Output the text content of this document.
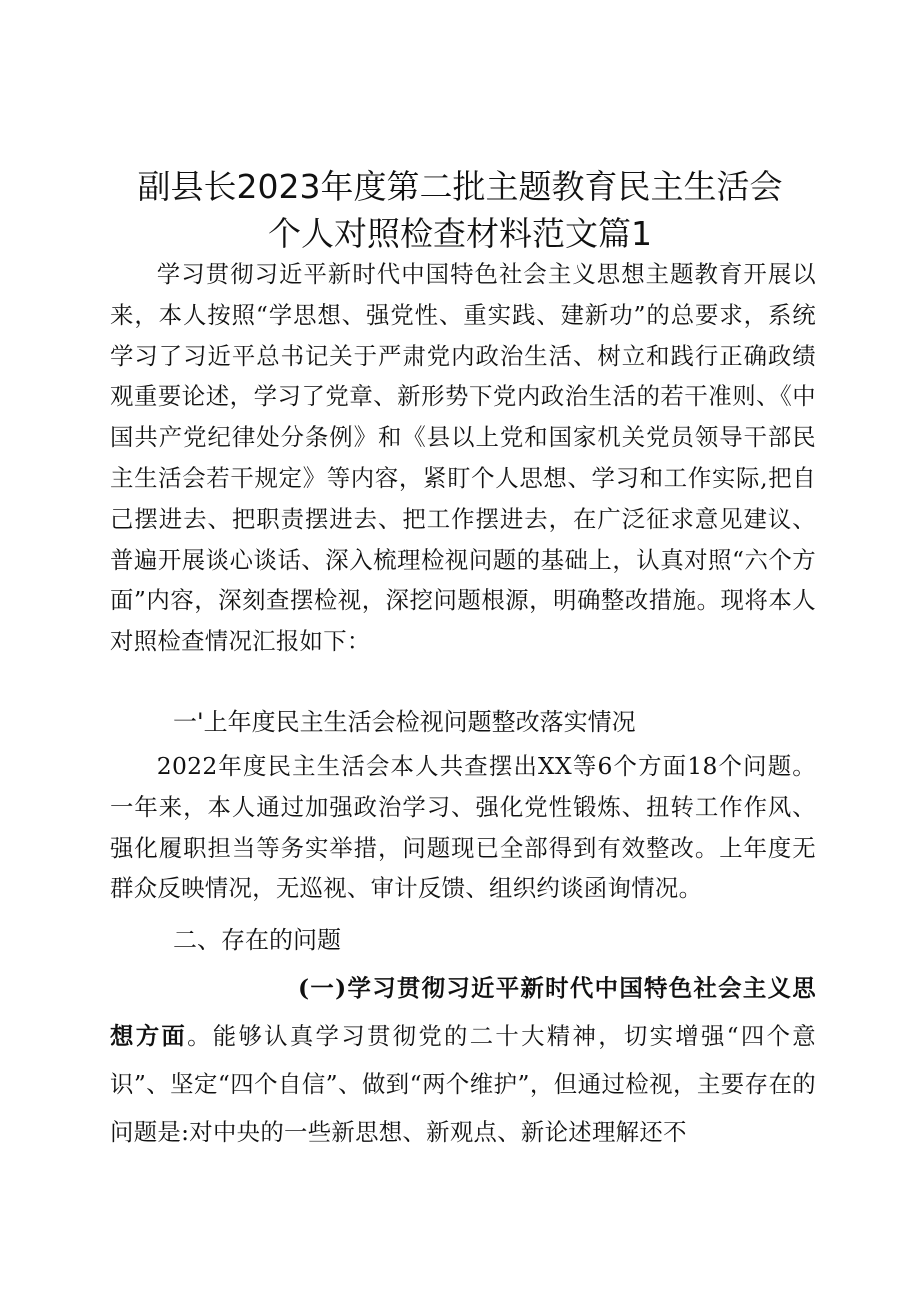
副县长2023年度第二批主题教育民主生活会
个人对照检查材料范文篇1

学习贯彻习近平新时代中国特色社会主义思想主题教育开展以来，本人按照“学思想、强党性、重实践、建新功”的总要求，系统学习了习近平总书记关于严肃党内政治生活、树立和践行正确政绩观重要论述，学习了党章、新形势下党内政治生活的若干准则、《中国共产党纪律处分条例》和《县以上党和国家机关党员领导干部民主生活会若干规定》等内容，紧盯个人思想、学习和工作实际,把自己摆进去、把职责摆进去、把工作摆进去，在广泛征求意见建议、普遍开展谈心谈话、深入梳理检视问题的基础上，认真对照“六个方面”内容，深刻查摆检视，深挖问题根源，明确整改措施。现将本人对照检查情况汇报如下：

一'上年度民主生活会检视问题整改落实情况

2022年度民主生活会本人共查摆出XX等6个方面18个问题。一年来，本人通过加强政治学习、强化党性锻炼、扭转工作作风、强化履职担当等务实举措，问题现已全部得到有效整改。上年度无群众反映情况，无巡视、审计反馈、组织约谈函询情况。

二、存在的问题

(一)学习贯彻习近平新时代中国特色社会主义思想方面。能够认真学习贯彻党的二十大精神，切实增强“四个意识”、坚定“四个自信”、做到“两个维护”，但通过检视，主要存在的问题是:对中央的一些新思想、新观点、新论述理解还不
